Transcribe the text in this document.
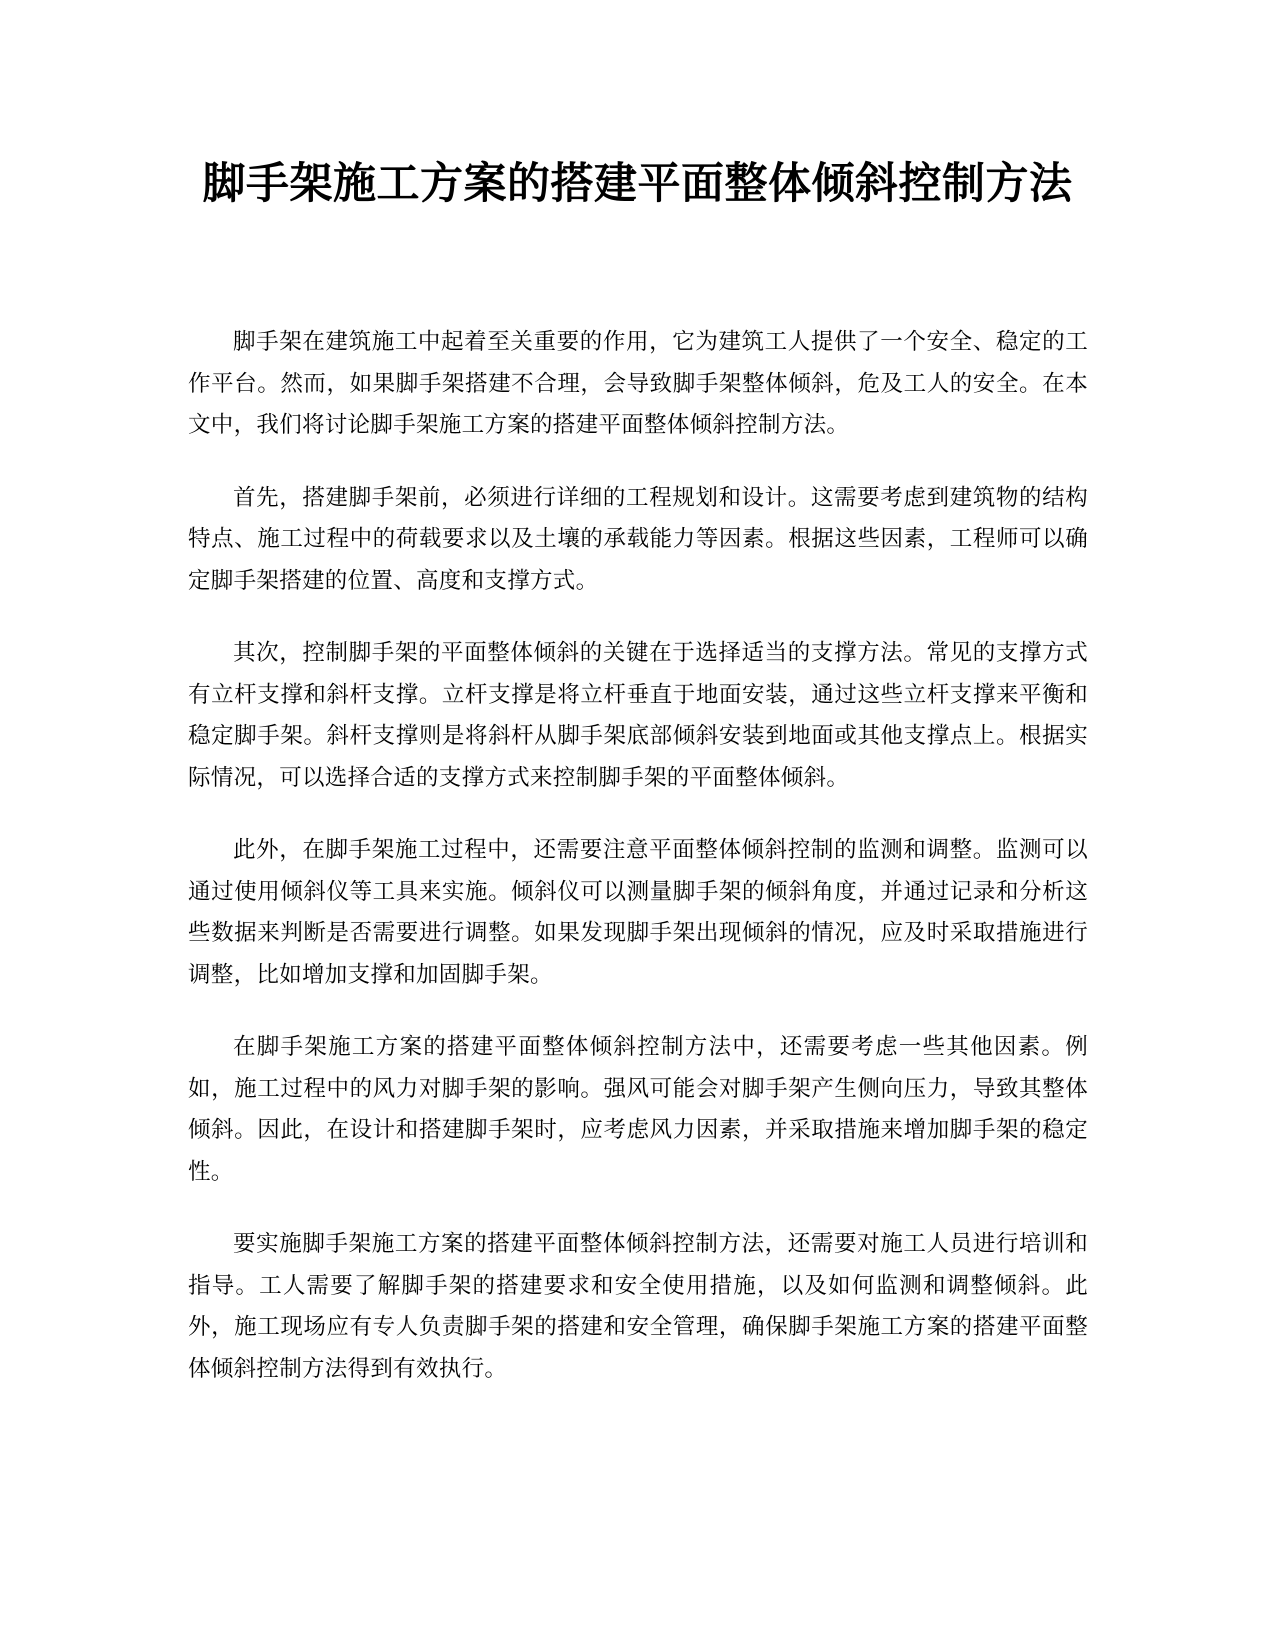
脚手架施工方案的搭建平面整体倾斜控制方法

脚手架在建筑施工中起着至关重要的作用，它为建筑工人提供了一个安全、稳定的工作平台。然而，如果脚手架搭建不合理，会导致脚手架整体倾斜，危及工人的安全。在本文中，我们将讨论脚手架施工方案的搭建平面整体倾斜控制方法。

首先，搭建脚手架前，必须进行详细的工程规划和设计。这需要考虑到建筑物的结构特点、施工过程中的荷载要求以及土壤的承载能力等因素。根据这些因素，工程师可以确定脚手架搭建的位置、高度和支撑方式。

其次，控制脚手架的平面整体倾斜的关键在于选择适当的支撑方法。常见的支撑方式有立杆支撑和斜杆支撑。立杆支撑是将立杆垂直于地面安装，通过这些立杆支撑来平衡和稳定脚手架。斜杆支撑则是将斜杆从脚手架底部倾斜安装到地面或其他支撑点上。根据实际情况，可以选择合适的支撑方式来控制脚手架的平面整体倾斜。

此外，在脚手架施工过程中，还需要注意平面整体倾斜控制的监测和调整。监测可以通过使用倾斜仪等工具来实施。倾斜仪可以测量脚手架的倾斜角度，并通过记录和分析这些数据来判断是否需要进行调整。如果发现脚手架出现倾斜的情况，应及时采取措施进行调整，比如增加支撑和加固脚手架。

在脚手架施工方案的搭建平面整体倾斜控制方法中，还需要考虑一些其他因素。例如，施工过程中的风力对脚手架的影响。强风可能会对脚手架产生侧向压力，导致其整体倾斜。因此，在设计和搭建脚手架时，应考虑风力因素，并采取措施来增加脚手架的稳定性。

要实施脚手架施工方案的搭建平面整体倾斜控制方法，还需要对施工人员进行培训和指导。工人需要了解脚手架的搭建要求和安全使用措施，以及如何监测和调整倾斜。此外，施工现场应有专人负责脚手架的搭建和安全管理，确保脚手架施工方案的搭建平面整体倾斜控制方法得到有效执行。
